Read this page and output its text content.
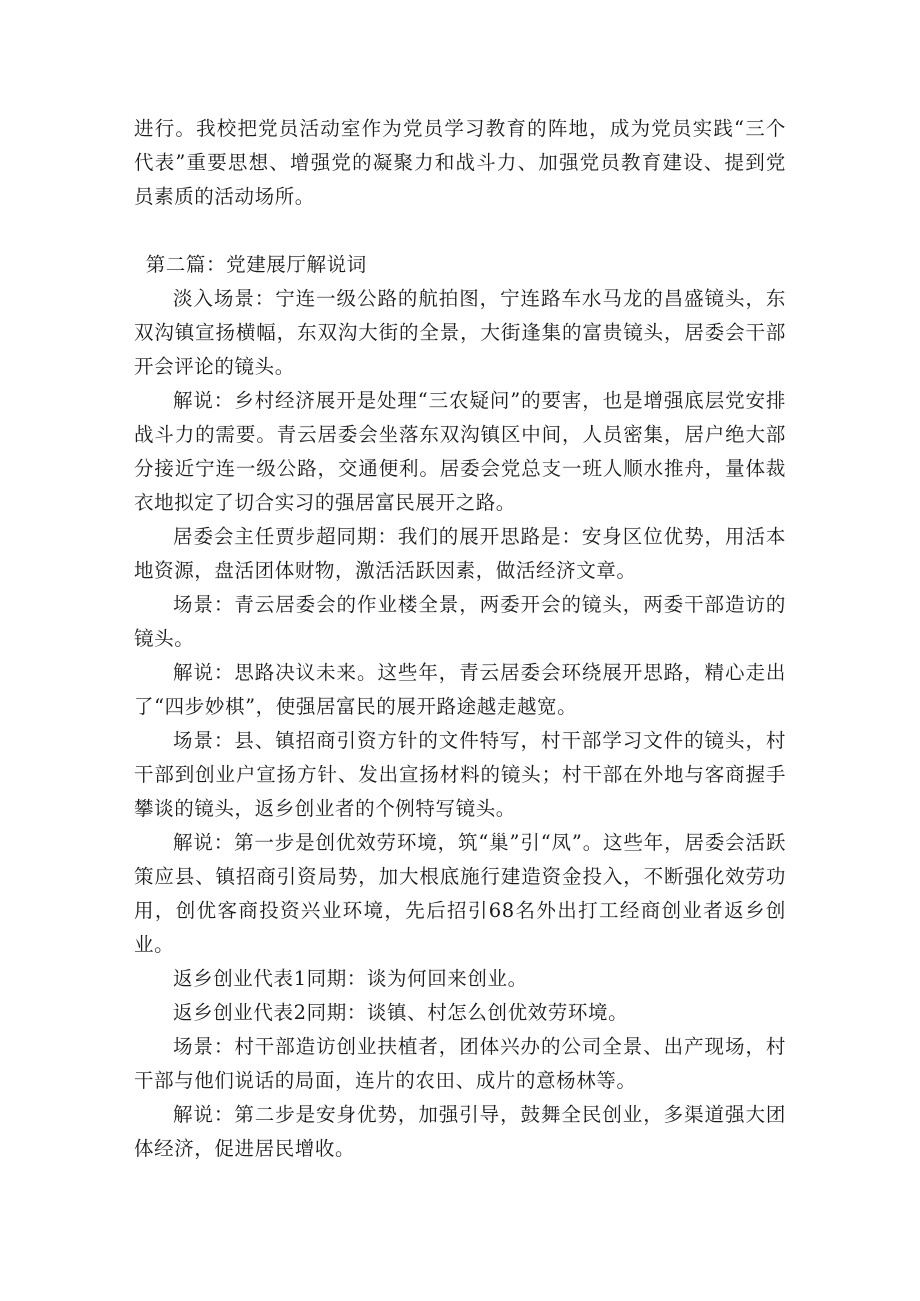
进行。我校把党员活动室作为党员学习教育的阵地，成为党员实践“三个代表”重要思想、增强党的凝聚力和战斗力、加强党员教育建设、提到党员素质的活动场所。

第二篇：党建展厅解说词

淡入场景：宁连一级公路的航拍图，宁连路车水马龙的昌盛镜头，东双沟镇宣扬横幅，东双沟大街的全景，大街逢集的富贵镜头，居委会干部开会评论的镜头。

解说：乡村经济展开是处理“三农疑问”的要害，也是增强底层党安排战斗力的需要。青云居委会坐落东双沟镇区中间，人员密集，居户绝大部分接近宁连一级公路，交通便利。居委会党总支一班人顺水推舟，量体裁衣地拟定了切合实习的强居富民展开之路。

居委会主任贾步超同期：我们的展开思路是：安身区位优势，用活本地资源，盘活团体财物，激活活跃因素，做活经济文章。

场景：青云居委会的作业楼全景，两委开会的镜头，两委干部造访的镜头。

解说：思路决议未来。这些年，青云居委会环绕展开思路，精心走出了“四步妙棋”，使强居富民的展开路途越走越宽。

场景：县、镇招商引资方针的文件特写，村干部学习文件的镜头，村干部到创业户宣扬方针、发出宣扬材料的镜头；村干部在外地与客商握手攀谈的镜头，返乡创业者的个例特写镜头。

解说：第一步是创优效劳环境，筑“巢”引“凤”。这些年，居委会活跃策应县、镇招商引资局势，加大根底施行建造资金投入，不断强化效劳功用，创优客商投资兴业环境，先后招引68名外出打工经商创业者返乡创业。

返乡创业代表1同期：谈为何回来创业。

返乡创业代表2同期：谈镇、村怎么创优效劳环境。

场景：村干部造访创业扶植者，团体兴办的公司全景、出产现场，村干部与他们说话的局面，连片的农田、成片的意杨林等。

解说：第二步是安身优势，加强引导，鼓舞全民创业，多渠道强大团体经济，促进居民增收。
